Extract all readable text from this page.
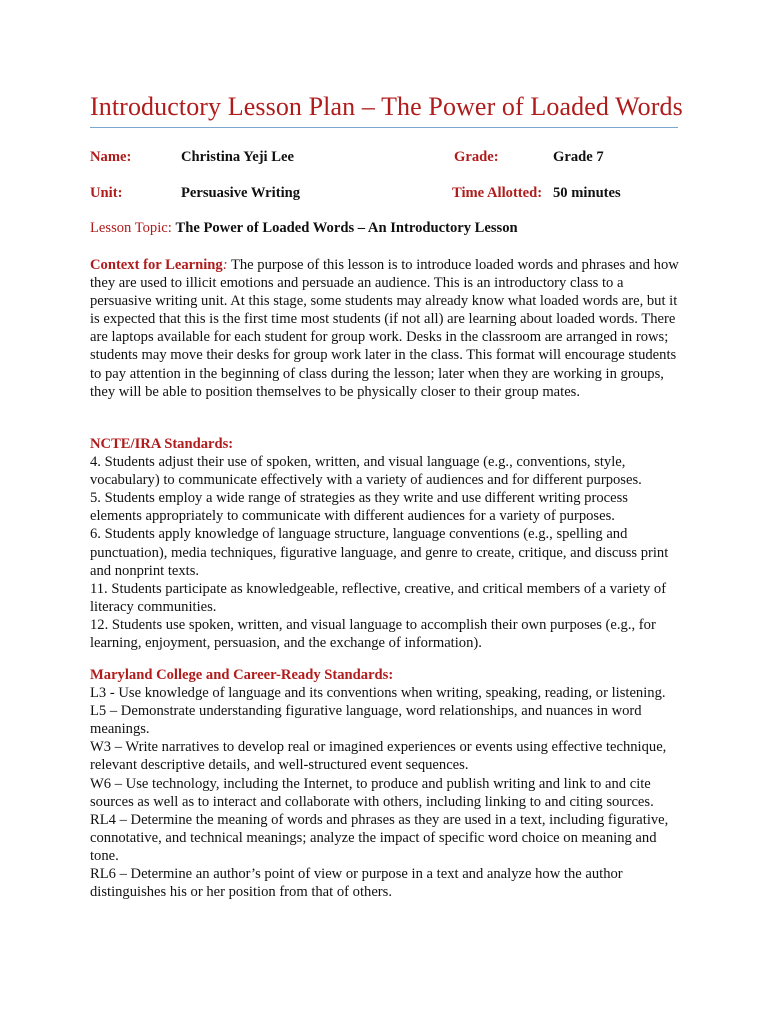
Introductory Lesson Plan – The Power of Loaded Words
Name:	Christina Yeji Lee	Grade:	Grade 7
Unit:	Persuasive Writing	Time Allotted: 50 minutes
Lesson Topic: The Power of Loaded Words – An Introductory Lesson

Context for Learning: The purpose of this lesson is to introduce loaded words and phrases and how they are used to illicit emotions and persuade an audience. This is an introductory class to a persuasive writing unit. At this stage, some students may already know what loaded words are, but it is expected that this is the first time most students (if not all) are learning about loaded words. There are laptops available for each student for group work. Desks in the classroom are arranged in rows; students may move their desks for group work later in the class. This format will encourage students to pay attention in the beginning of class during the lesson; later when they are working in groups, they will be able to position themselves to be physically closer to their group mates.

NCTE/IRA Standards:

4. Students adjust their use of spoken, written, and visual language (e.g., conventions, style, vocabulary) to communicate effectively with a variety of audiences and for different purposes.

5. Students employ a wide range of strategies as they write and use different writing process elements appropriately to communicate with different audiences for a variety of purposes.

6. Students apply knowledge of language structure, language conventions (e.g., spelling and punctuation), media techniques, figurative language, and genre to create, critique, and discuss print and nonprint texts.

11. Students participate as knowledgeable, reflective, creative, and critical members of a variety of literacy communities.

12. Students use spoken, written, and visual language to accomplish their own purposes (e.g., for learning, enjoyment, persuasion, and the exchange of information).

Maryland College and Career-Ready Standards:

L3 - Use knowledge of language and its conventions when writing, speaking, reading, or listening.

L5 – Demonstrate understanding figurative language, word relationships, and nuances in word meanings.

W3 – Write narratives to develop real or imagined experiences or events using effective technique, relevant descriptive details, and well-structured event sequences.

W6 – Use technology, including the Internet, to produce and publish writing and link to and cite sources as well as to interact and collaborate with others, including linking to and citing sources.

RL4 – Determine the meaning of words and phrases as they are used in a text, including figurative, connotative, and technical meanings; analyze the impact of specific word choice on meaning and tone.

RL6 – Determine an author’s point of view or purpose in a text and analyze how the author distinguishes his or her position from that of others.
